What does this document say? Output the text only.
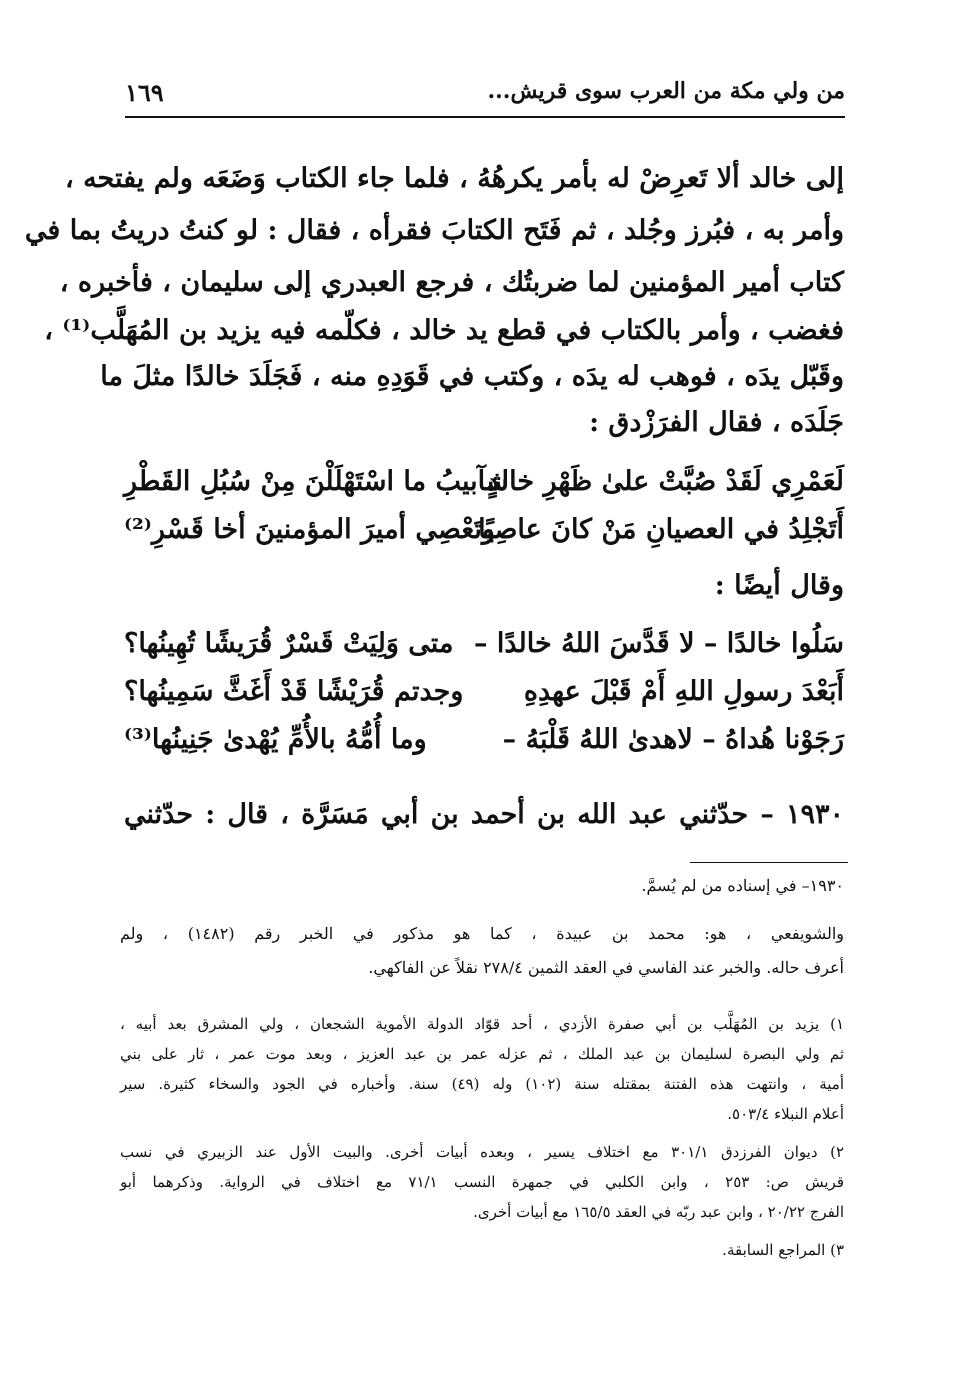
من ولي مكة من العرب سوى قريش...
١٦٩
إلى خالد ألا تَعرِضْ له بأمر يكرهُهُ ، فلما جاء الكتاب وَضَعَه ولم يفتحه ،
وأمر به ، فبُرز وجُلد ، ثم فَتَح الكتابَ فقرأه ، فقال : لو كنتُ دريتُ بما في
كتاب أمير المؤمنين لما ضربتُك ، فرجع العبدري إلى سليمان ، فأخبره ،
فغضب ، وأمر بالكتاب في قطع يد خالد ، فكلّمه فيه يزيد بن المُهَلَّب⁽¹⁾ ،
وقَبّل يدَه ، فوهب له يدَه ، وكتب في قَوَدِهِ منه ، فَجَلَدَ خالدًا مثلَ ما
جَلَدَه ، فقال الفرَزْدق :
لَعَمْرِي لَقَدْ صُبَّتْ علىٰ ظَهْرِ خالدٍ
شآبيبُ ما اسْتَهْلَلْنَ مِنْ سُبُلِ القَطْرِ
أَتَجْلِدُ في العصيانِ مَنْ كانَ عاصِيًا
وتَعْصِي أميرَ المؤمنينَ أخا قَسْرِ⁽²⁾
وقال أيضًا :
سَلُوا خالدًا – لا قَدَّسَ اللهُ خالدًا –
متى وَلِيَتْ قَسْرٌ قُرَيشًا تُهِينُها؟
أَبَعْدَ رسولِ اللهِ أَمْ قَبْلَ عهدِهِ
وجدتم قُرَيْشًا قَدْ أَغَثَّ سَمِينُها؟
رَجَوْنا هُداهُ – لاهدىٰ اللهُ قَلْبَهُ –
وما أُمُّهُ بالأُمِّ يُهْدىٰ جَنِينُها⁽³⁾
١٩٣٠ – حدّثني عبد الله بن أحمد بن أبي مَسَرَّة ، قال : حدّثني
١٩٣٠– في إسناده من لم يُسمَّ.
والشويفعي ، هو: محمد بن عبيدة ، كما هو مذكور في الخبر رقم (١٤٨٢) ، ولم
أعرف حاله. والخبر عند الفاسي في العقد الثمين ٢٧٨/٤ نقلاً عن الفاكهي.
١) يزيد بن المُهَلَّب بن أبي صفرة الأزدي ، أحد قوّاد الدولة الأموية الشجعان ، ولي المشرق بعد أبيه ،
ثم ولي البصرة لسليمان بن عبد الملك ، ثم عزله عمر بن عبد العزيز ، وبعد موت عمر ، ثار على بني
أمية ، وانتهت هذه الفتنة بمقتله سنة (١٠٢) وله (٤٩) سنة. وأخباره في الجود والسخاء كثيرة. سير
أعلام النبلاء ٥٠٣/٤.
٢) ديوان الفرزدق ٣٠١/١ مع اختلاف يسير ، وبعده أبيات أخرى. والبيت الأول عند الزبيري في نسب
قريش ص: ٢٥٣ ، وابن الكلبي في جمهرة النسب ٧١/١ مع اختلاف في الرواية. وذكرهما أبو
الفرج ٢٠/٢٢ ، وابن عبد ربّه في العقد ١٦٥/٥ مع أبيات أخرى.
٣) المراجع السابقة.
